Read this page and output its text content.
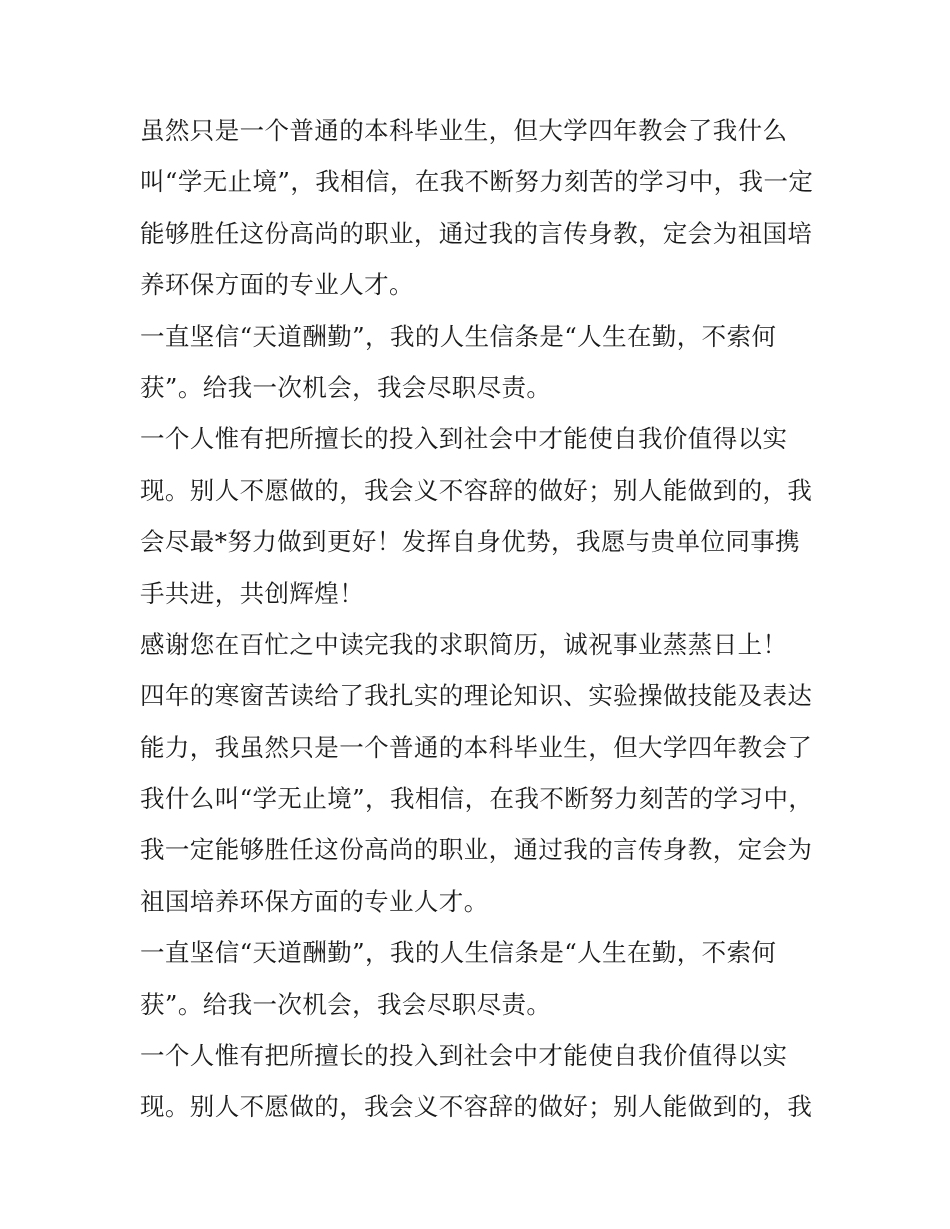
虽然只是一个普通的本科毕业生，但大学四年教会了我什么
叫“学无止境”，我相信，在我不断努力刻苦的学习中，我一定
能够胜任这份高尚的职业，通过我的言传身教，定会为祖国培
养环保方面的专业人才。
一直坚信“天道酬勤”，我的人生信条是“人生在勤，不索何
获”。给我一次机会，我会尽职尽责。
一个人惟有把所擅长的投入到社会中才能使自我价值得以实
现。别人不愿做的，我会义不容辞的做好；别人能做到的，我
会尽最*努力做到更好！发挥自身优势，我愿与贵单位同事携
手共进，共创辉煌！
感谢您在百忙之中读完我的求职简历，诚祝事业蒸蒸日上！
四年的寒窗苦读给了我扎实的理论知识、实验操做技能及表达
能力，我虽然只是一个普通的本科毕业生，但大学四年教会了
我什么叫“学无止境”，我相信，在我不断努力刻苦的学习中，
我一定能够胜任这份高尚的职业，通过我的言传身教，定会为
祖国培养环保方面的专业人才。
一直坚信“天道酬勤”，我的人生信条是“人生在勤，不索何
获”。给我一次机会，我会尽职尽责。
一个人惟有把所擅长的投入到社会中才能使自我价值得以实
现。别人不愿做的，我会义不容辞的做好；别人能做到的，我
